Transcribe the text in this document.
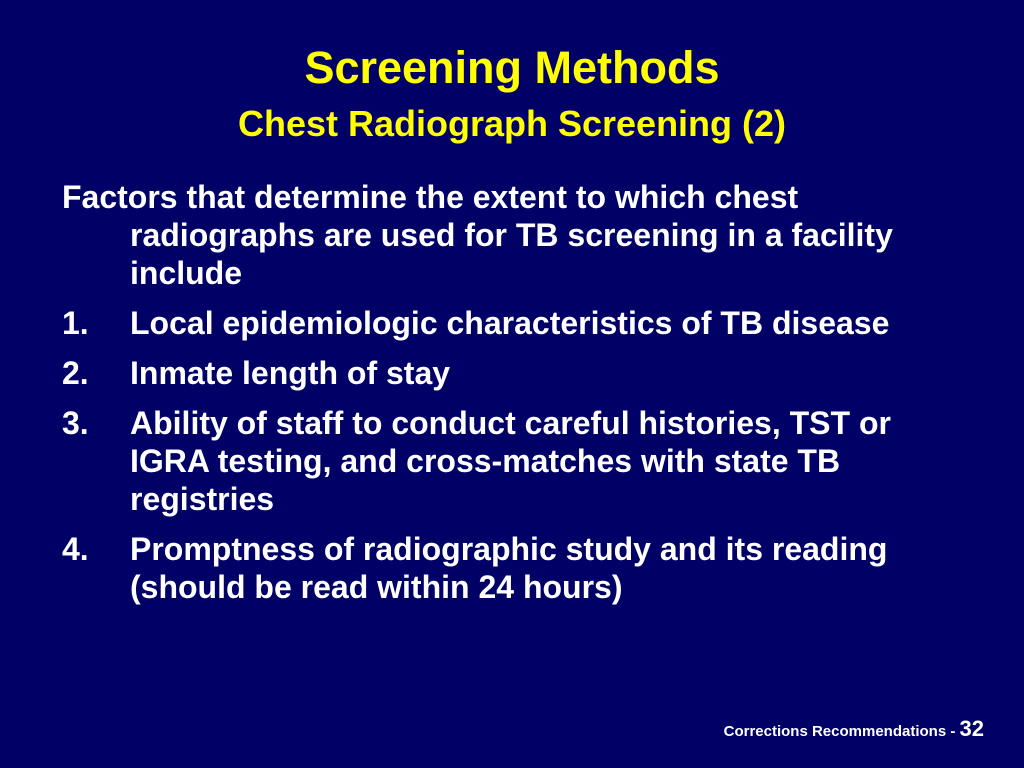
Screening Methods
Chest Radiograph Screening (2)

Factors that determine the extent to which chest radiographs are used for TB screening in a facility include

1.	Local epidemiologic characteristics of TB disease
2.	Inmate length of stay
3.	Ability of staff to conduct careful histories, TST or IGRA testing, and cross-matches with state TB registries
4.	Promptness of radiographic study and its reading (should be read within 24 hours)
Corrections Recommendations - 32
